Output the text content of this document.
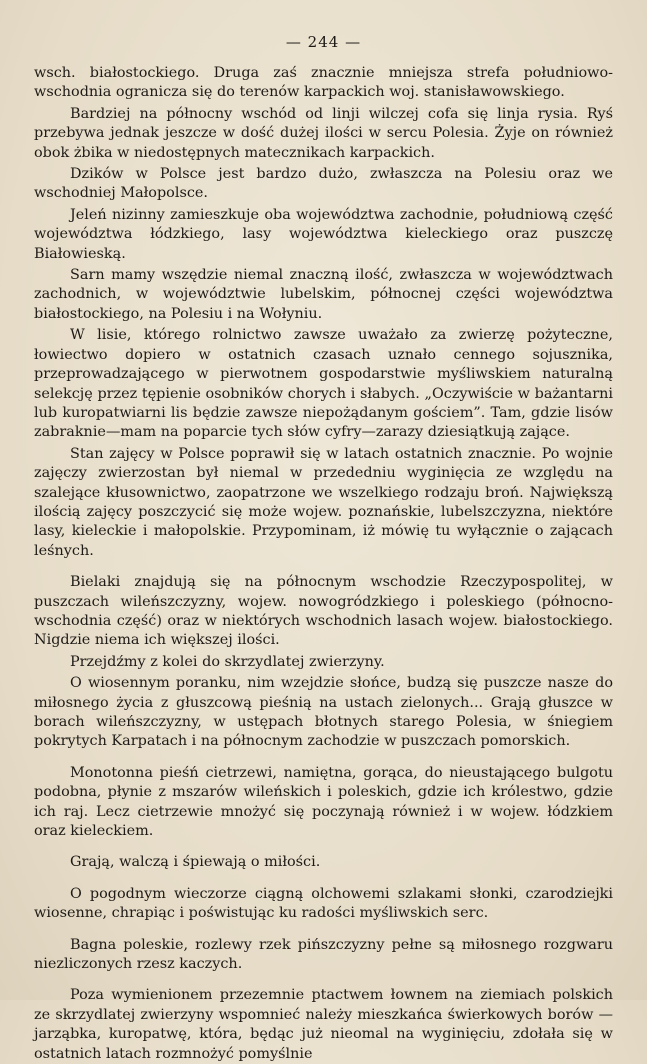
— 244 —

wsch. białostockiego. Druga zaś znacznie mniejsza strefa południowo-wschodnia ogranicza się do terenów karpackich woj. stanisławowskiego.

Bardziej na północny wschód od linji wilczej cofa się linja rysia. Ryś przebywa jednak jeszcze w dość dużej ilości w sercu Polesia. Żyje on również obok żbika w niedostępnych matecznikach karpackich.

Dzików w Polsce jest bardzo dużo, zwłaszcza na Polesiu oraz we wschodniej Małopolsce.

Jeleń nizinny zamieszkuje oba województwa zachodnie, południową część województwa łódzkiego, lasy województwa kieleckiego oraz puszczę Białowieską.

Sarn mamy wszędzie niemal znaczną ilość, zwłaszcza w województwach zachodnich, w województwie lubelskim, północnej części województwa białostockiego, na Polesiu i na Wołyniu.

W lisie, którego rolnictwo zawsze uważało za zwierzę pożyteczne, łowiectwo dopiero w ostatnich czasach uznało cennego sojusznika, przeprowadzającego w pierwotnem gospodarstwie myśliwskiem naturalną selekcję przez tępienie osobników chorych i słabych. „Oczywiście w bażantarni lub kuropatwiarni lis będzie zawsze niepożądanym gościem”. Tam, gdzie lisów zabraknie—mam na poparcie tych słów cyfry—zarazy dziesiątkują zające.

Stan zajęcy w Polsce poprawił się w latach ostatnich znacznie. Po wojnie zajęczy zwierzostan był niemal w przededniu wyginięcia ze względu na szalejące kłusownictwo, zaopatrzone we wszelkiego rodzaju broń. Największą ilością zajęcy poszczycić się może wojew. poznańskie, lubelszczyzna, niektóre lasy, kieleckie i małopolskie. Przypominam, iż mówię tu wyłącznie o zającach leśnych.

Bielaki znajdują się na północnym wschodzie Rzeczypospolitej, w puszczach wileńszczyzny, wojew. nowogródzkiego i poleskiego (północno-wschodnia część) oraz w niektórych wschodnich lasach wojew. białostockiego. Nigdzie niema ich większej ilości.

Przejdźmy z kolei do skrzydlatej zwierzyny.

O wiosennym poranku, nim wzejdzie słońce, budzą się puszcze nasze do miłosnego życia z głuszcową pieśnią na ustach zielonych... Grają głuszce w borach wileńszczyzny, w ustępach błotnych starego Polesia, w śniegiem pokrytych Karpatach i na północnym zachodzie w puszczach pomorskich.

Monotonna pieśń cietrzewi, namiętna, gorąca, do nieustającego bulgotu podobna, płynie z mszarów wileńskich i poleskich, gdzie ich królestwo, gdzie ich raj. Lecz cietrzewie mnożyć się poczynają również i w wojew. łódzkiem oraz kieleckiem.

Grają, walczą i śpiewają o miłości.

O pogodnym wieczorze ciągną olchowemi szlakami słonki, czarodziejki wiosenne, chrapiąc i poświstując ku radości myśliwskich serc.

Bagna poleskie, rozlewy rzek pińszczyzny pełne są miłosnego rozgwaru niezliczonych rzesz kaczych.

Poza wymienionem przezemnie ptactwem łownem na ziemiach polskich ze skrzydlatej zwierzyny wspomnieć należy mieszkańca świerkowych borów — jarząbka, kuropatwę, która, będąc już nieomal na wyginięciu, zdołała się w ostatnich latach rozmnożyć pomyślnie
